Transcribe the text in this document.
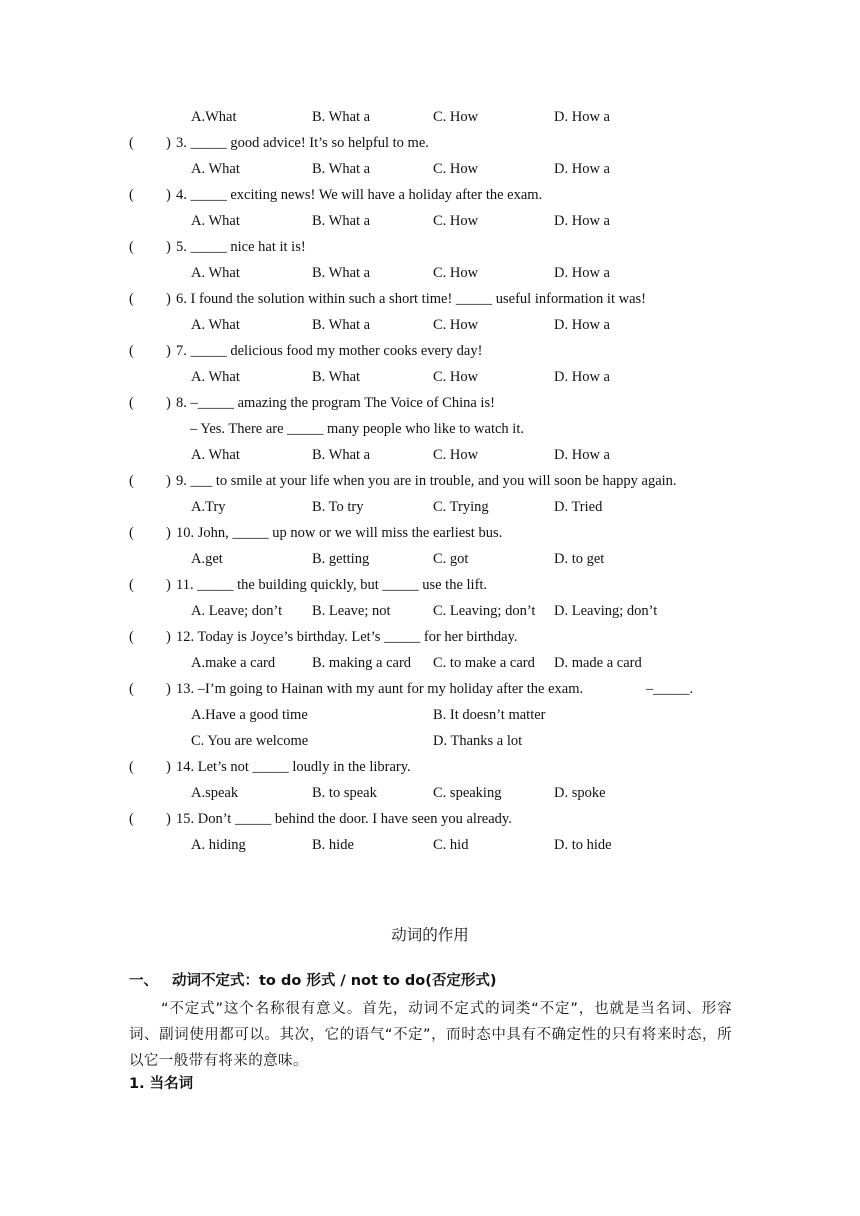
A.What	B. What a	C. How	D. How a
( ) 3. _____ good advice! It’s so helpful to me.
A. What	B. What a	C. How	D. How a
( ) 4. _____ exciting news! We will have a holiday after the exam.
A. What	B. What a	C. How	D. How a
( ) 5. _____ nice hat it is!
A. What	B. What a	C. How	D. How a
( ) 6. I found the solution within such a short time! _____ useful information it was!
A. What	B. What a	C. How	D. How a
( ) 7. _____ delicious food my mother cooks every day!
A. What	B. What	C. How	D. How a
( ) 8. –_____ amazing the program The Voice of China is!
– Yes. There are _____ many people who like to watch it.
A. What	B. What a	C. How	D. How a
( ) 9. ___ to smile at your life when you are in trouble, and you will soon be happy again.
A.Try	B. To try	C. Trying	D. Tried
( ) 10. John, _____ up now or we will miss the earliest bus.
A.get	B. getting	C. got	D. to get
( ) 11. _____ the building quickly, but _____ use the lift.
A. Leave; don’t B. Leave; not	C. Leaving; don’t D. Leaving; don’t
( ) 12. Today is Joyce’s birthday. Let’s _____ for her birthday.
A.make a card	B. making a card C. to make a card D. made a card
( ) 13. –I’m going to Hainan with my aunt for my holiday after the exam.	–_____.
A.Have a good time	B. It doesn’t matter
C. You are welcome	D. Thanks a lot
( ) 14. Let’s not _____ loudly in the library.
A.speak	B. to speak	C. speaking	D. spoke
( ) 15. Don’t _____ behind the door. I have seen you already.
A. hiding	B. hide	C. hid	D. to hide
动词的作用
一、 动词不定式：to do 形式 / not to do(否定形式)
“不定式”这个名称很有意义。首先，动词不定式的词类“不定”，也就是当名词、形容词、副词使用都可以。其次，它的语气“不定”，而时态中具有不确定性的只有将来时态，所以它一般带有将来的意味。
1. 当名词
